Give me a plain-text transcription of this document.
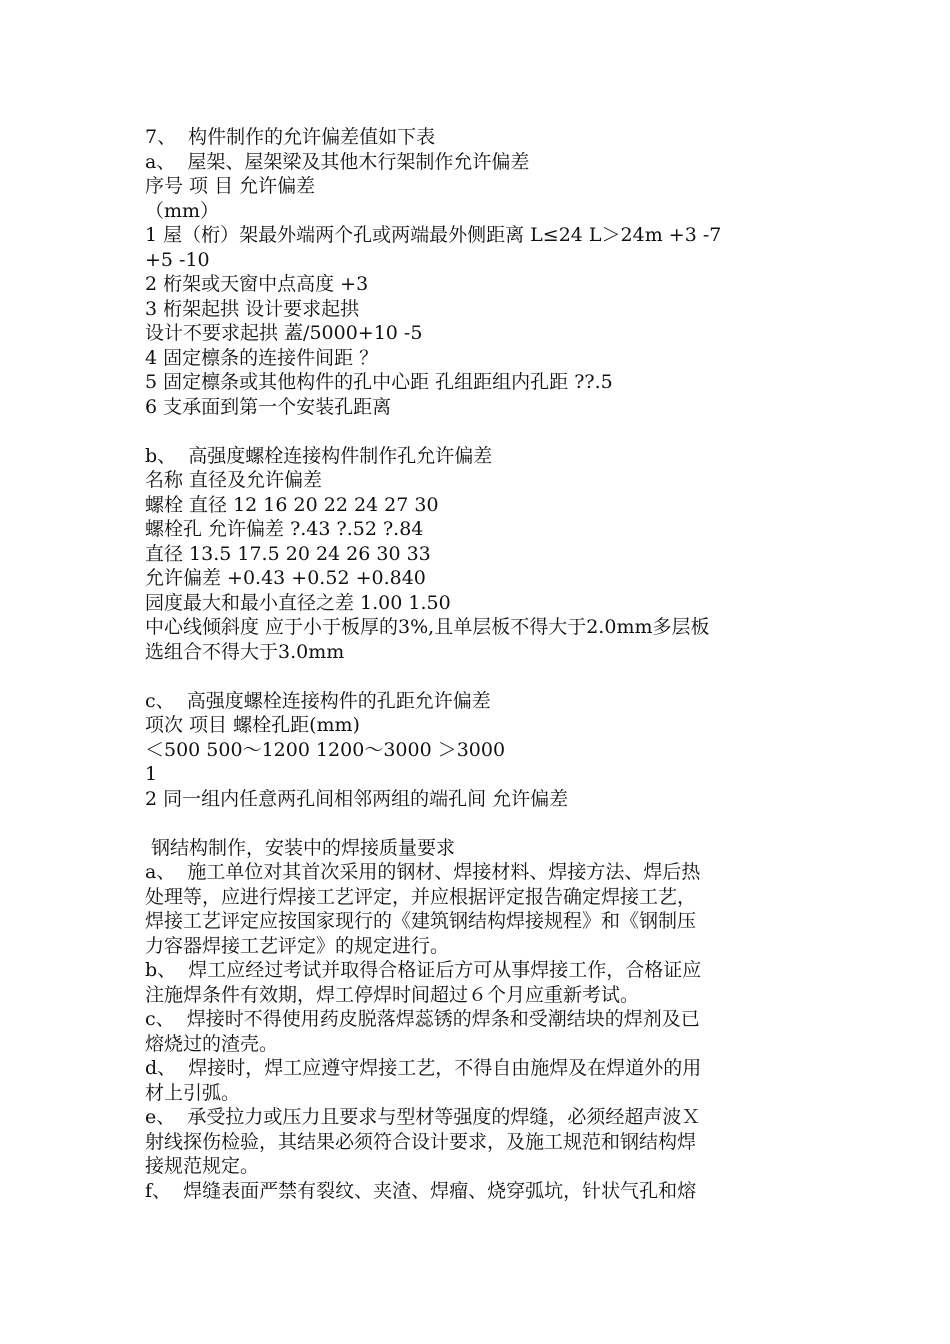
7、  构件制作的允许偏差值如下表
a、  屋架、屋架梁及其他木行架制作允许偏差
序号 项 目 允许偏差
（mm）
1 屋（桁）架最外端两个孔或两端最外侧距离 L≤24 L＞24m +3 -7
+5 -10
2 桁架或天窗中点高度 +3
3 桁架起拱 设计要求起拱
设计不要求起拱 蓋/5000+10 -5
4 固定檩条的连接件间距 ？
5 固定檩条或其他构件的孔中心距 孔组距组内孔距 ??.5
6 支承面到第一个安装孔距离
b、  高强度螺栓连接构件制作孔允许偏差
名称 直径及允许偏差
螺栓 直径 12 16 20 22 24 27 30
螺栓孔 允许偏差 ?.43 ?.52 ?.84
直径 13.5 17.5 20 24 26 30 33
允许偏差 +0.43 +0.52 +0.840
园度最大和最小直径之差 1.00 1.50
中心线倾斜度 应于小于板厚的3%,且单层板不得大于2.0mm多层板
选组合不得大于3.0mm
c、  高强度螺栓连接构件的孔距允许偏差
项次 项目 螺栓孔距(mm)
＜500 500～1200 1200～3000 ＞3000
1
2 同一组内任意两孔间相邻两组的端孔间 允许偏差
钢结构制作，安装中的焊接质量要求
a、  施工单位对其首次采用的钢材、焊接材料、焊接方法、焊后热
处理等，应进行焊接工艺评定，并应根据评定报告确定焊接工艺，
焊接工艺评定应按国家现行的《建筑钢结构焊接规程》和《钢制压
力容器焊接工艺评定》的规定进行。
b、  焊工应经过考试并取得合格证后方可从事焊接工作，合格证应
注施焊条件有效期，焊工停焊时间超过６个月应重新考试。
c、  焊接时不得使用药皮脱落焊蕊锈的焊条和受潮结块的焊剂及已
熔烧过的渣壳。
d、  焊接时，焊工应遵守焊接工艺，不得自由施焊及在焊道外的用
材上引弧。
e、  承受拉力或压力且要求与型材等强度的焊缝，必须经超声波Ｘ
射线探伤检验，其结果必须符合设计要求，及施工规范和钢结构焊
接规范规定。
f、  焊缝表面严禁有裂纹、夹渣、焊瘤、烧穿弧坑，针状气孔和熔
